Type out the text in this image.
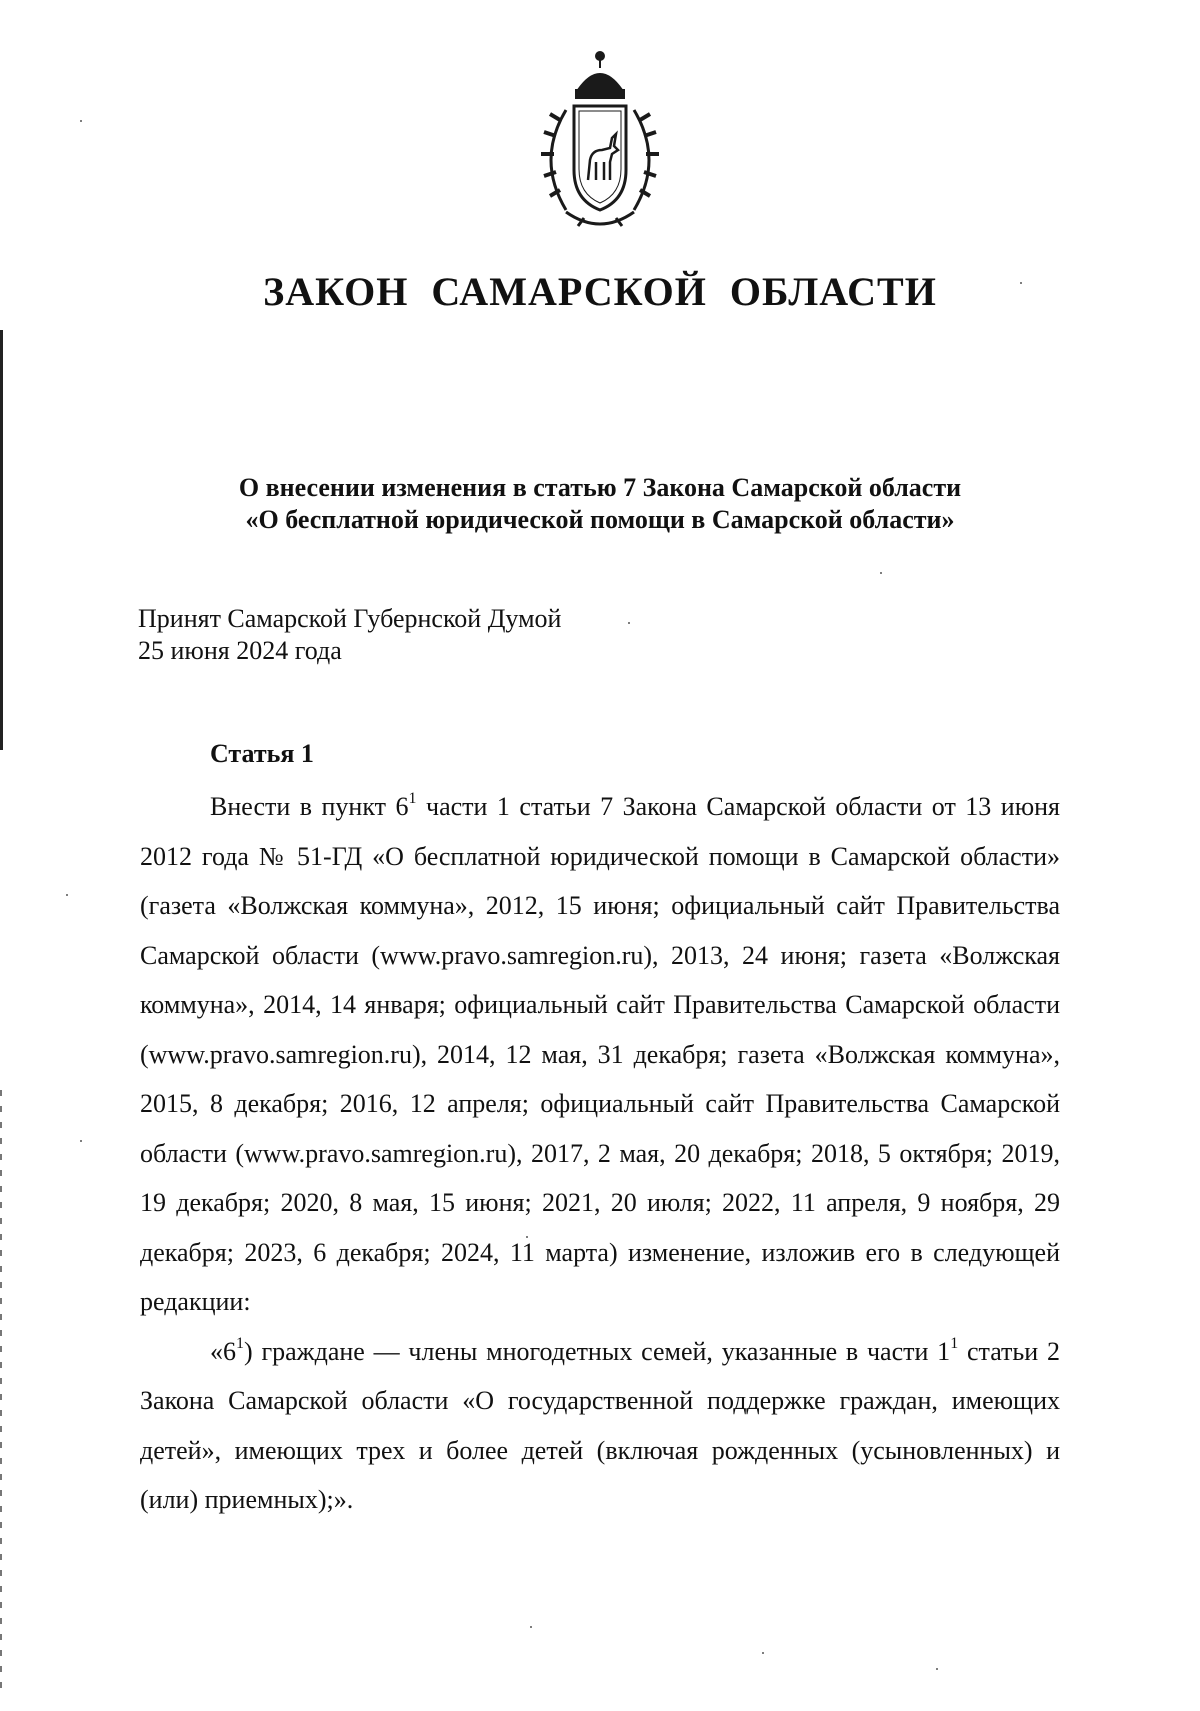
ЗАКОН САМАРСКОЙ ОБЛАСТИ
О внесении изменения в статью 7 Закона Самарской области
«О бесплатной юридической помощи в Самарской области»
Принят Самарской Губернской Думой
25 июня 2024 года
Статья 1

Внести в пункт $6^1$ части 1 статьи 7 Закона Самарской области от 13 июня 2012 года № 51-ГД «О бесплатной юридической помощи в Самарской области» (газета «Волжская коммуна», 2012, 15 июня; официальный сайт Правительства Самарской области (www.pravo.samregion.ru), 2013, 24 июня; газета «Волжская коммуна», 2014, 14 января; официальный сайт Правительства Самарской области (www.pravo.samregion.ru), 2014, 12 мая, 31 декабря; газета «Волжская коммуна», 2015, 8 декабря; 2016, 12 апреля; официальный сайт Правительства Самарской области (www.pravo.samregion.ru), 2017, 2 мая, 20 декабря; 2018, 5 октября; 2019, 19 декабря; 2020, 8 мая, 15 июня; 2021, 20 июля; 2022, 11 апреля, 9 ноября, 29 декабря; 2023, 6 декабря; 2024, 11 марта) изменение, изложив его в следующей редакции:

«$6^1$) граждане — члены многодетных семей, указанные в части $1^1$ статьи 2 Закона Самарской области «О государственной поддержке граждан, имеющих детей», имеющих трех и более детей (включая рожденных (усыновленных) и (или) приемных);».
